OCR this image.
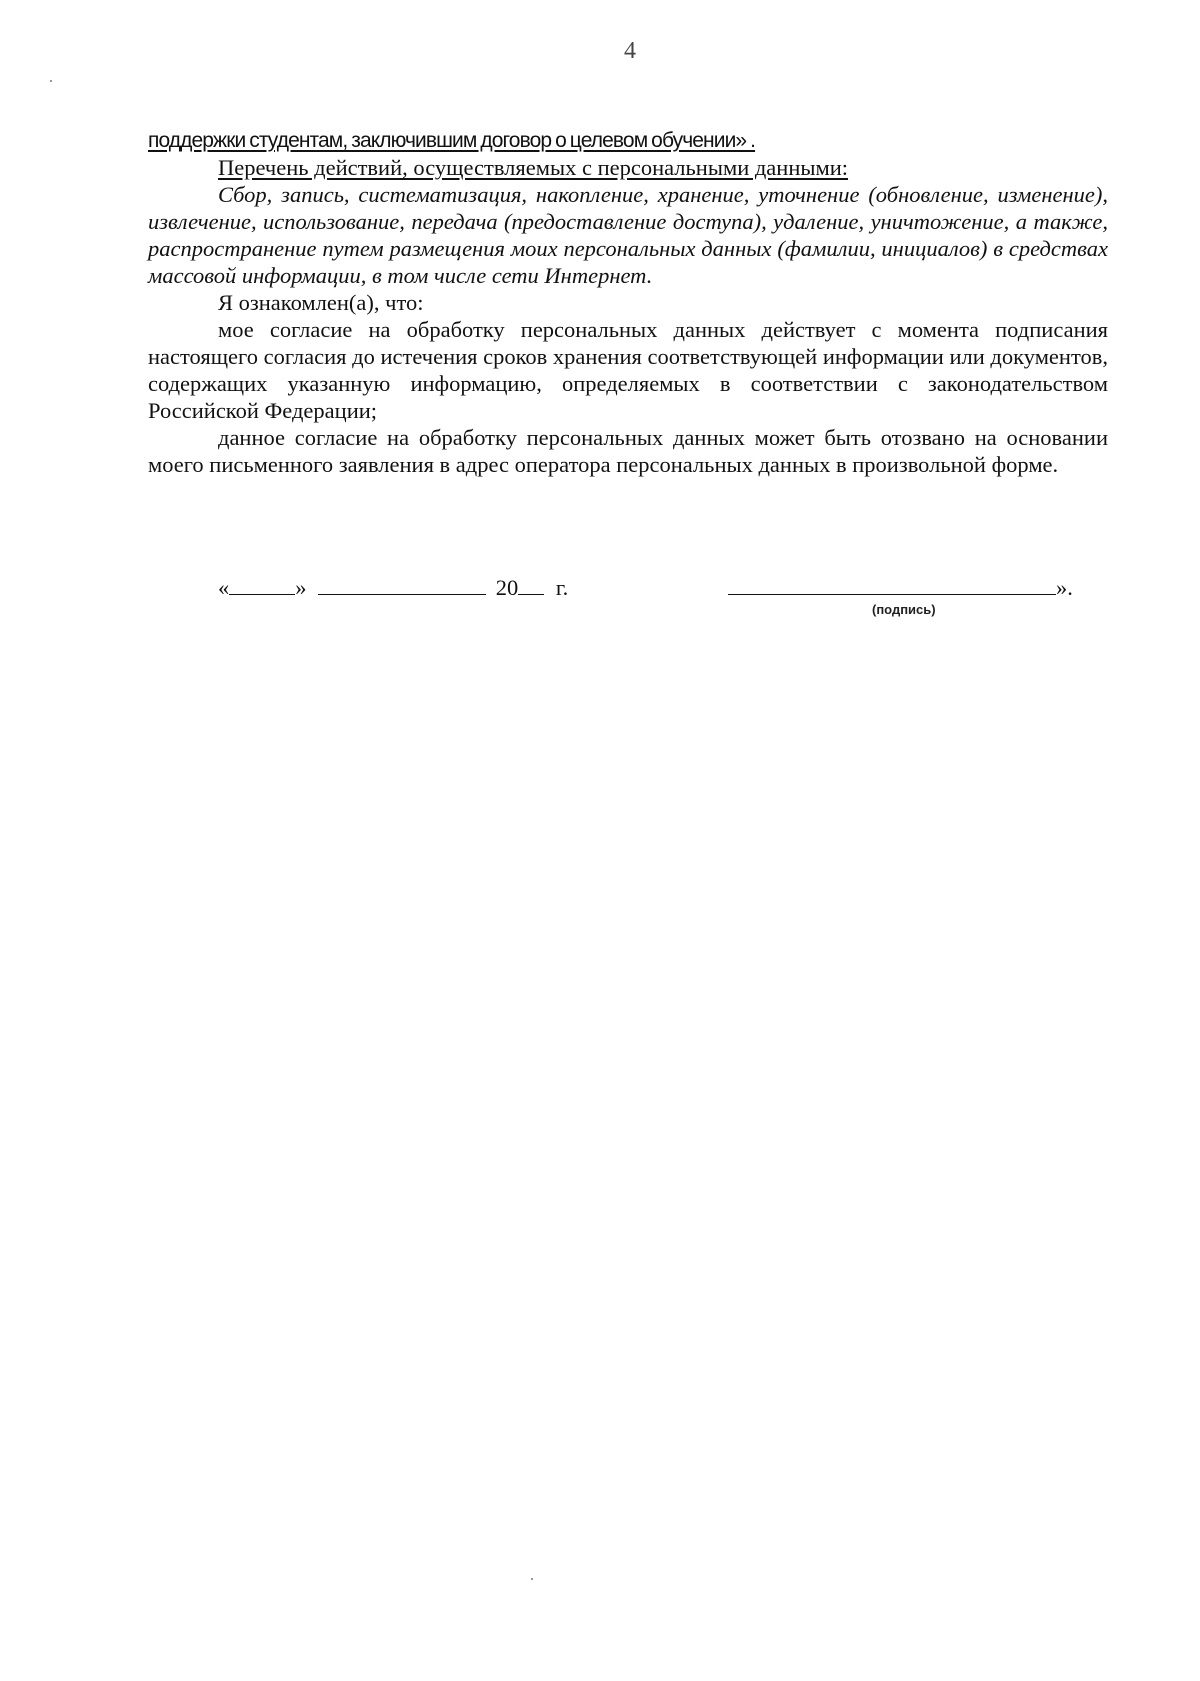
4
поддержки студентам, заключившим договор о целевом обучении» .
Перечень действий, осуществляемых с персональными данными:
Сбор, запись, систематизация, накопление, хранение, уточнение (обновление, изменение), извлечение, использование, передача (предоставление доступа), удаление, уничтожение, а также, распространение путем размещения моих персональных данных (фамилии, инициалов) в средствах массовой информации, в том числе сети Интернет.
Я ознакомлен(а), что:
мое согласие на обработку персональных данных действует с момента подписания настоящего согласия до истечения сроков хранения соответствующей информации или документов, содержащих указанную информацию, определяемых в соответствии с законодательством Российской Федерации;
данное согласие на обработку персональных данных может быть отозвано на основании моего письменного заявления в адрес оператора персональных данных в произвольной форме.
«	»	20 г.	».
(подпись)
